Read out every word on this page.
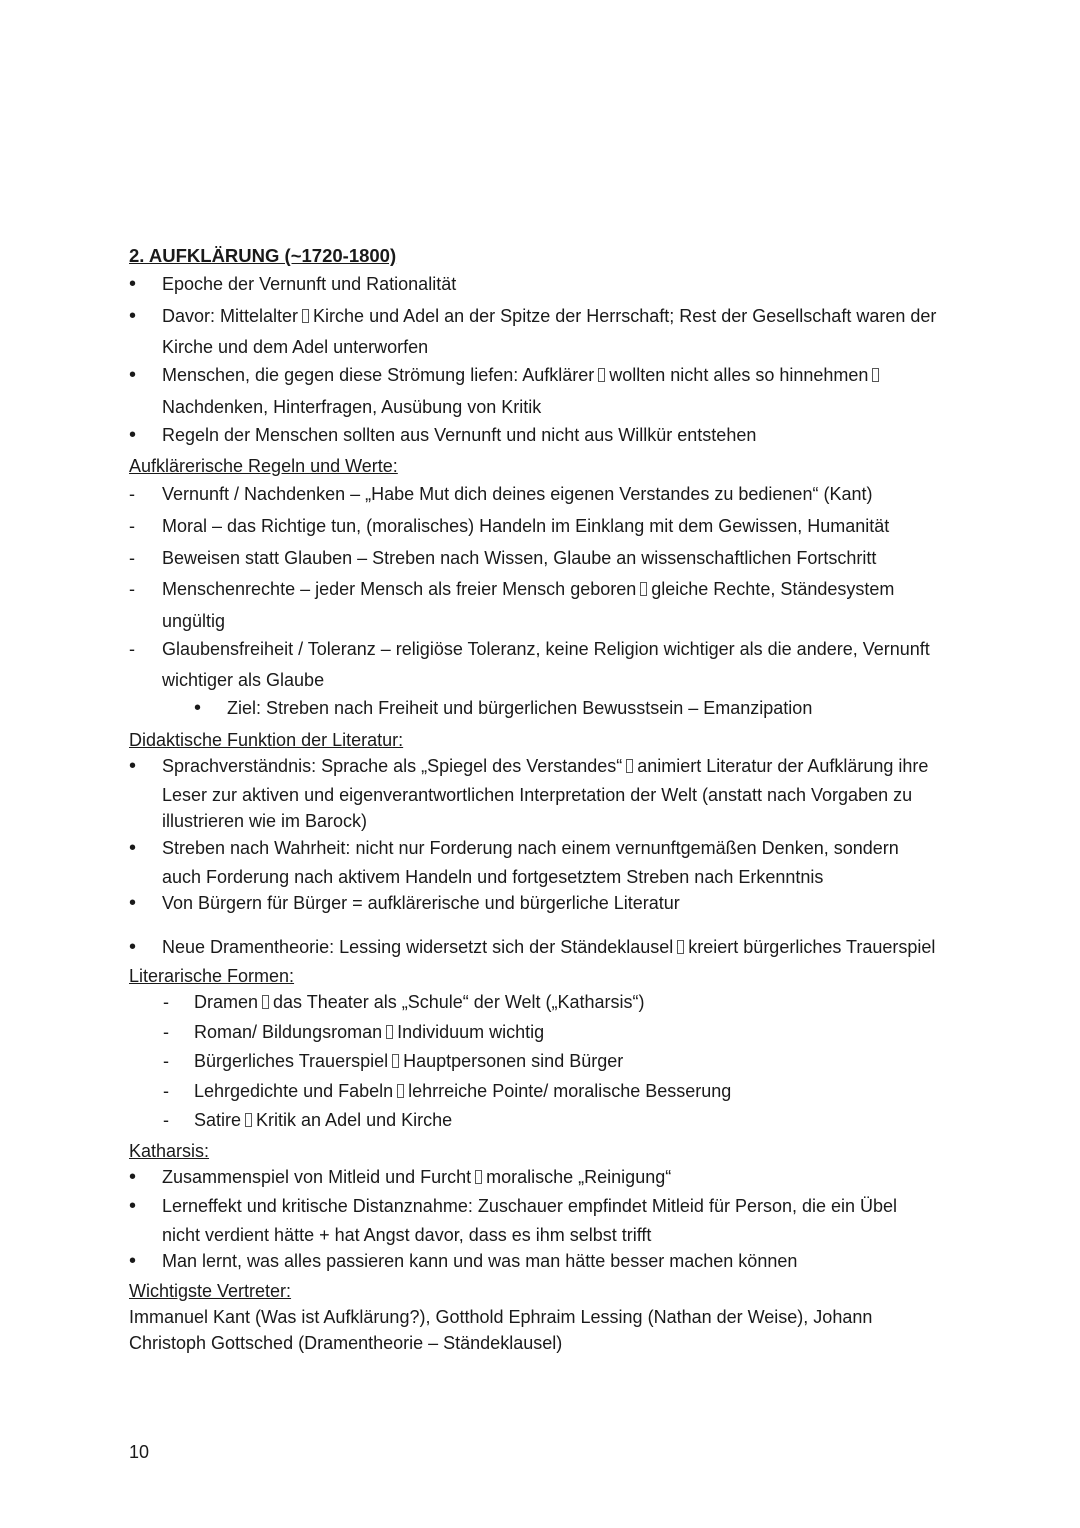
2. AUFKLÄRUNG (~1720-1800)
• Epoche der Vernunft und Rationalität
• Davor: Mittelalter Kirche und Adel an der Spitze der Herrschaft; Rest der Gesellschaft waren der
Kirche und dem Adel unterworfen
• Menschen, die gegen diese Strömung liefen: Aufklärer wollten nicht alles so hinnehmen
Nachdenken, Hinterfragen, Ausübung von Kritik
• Regeln der Menschen sollten aus Vernunft und nicht aus Willkür entstehen
Aufklärerische Regeln und Werte:
- Vernunft / Nachdenken – „Habe Mut dich deines eigenen Verstandes zu bedienen“ (Kant)
- Moral – das Richtige tun, (moralisches) Handeln im Einklang mit dem Gewissen, Humanität
- Beweisen statt Glauben – Streben nach Wissen, Glaube an wissenschaftlichen Fortschritt
- Menschenrechte – jeder Mensch als freier Mensch geboren gleiche Rechte, Ständesystem
ungültig
- Glaubensfreiheit / Toleranz – religiöse Toleranz, keine Religion wichtiger als die andere, Vernunft
wichtiger als Glaube
• Ziel: Streben nach Freiheit und bürgerlichen Bewusstsein – Emanzipation
Didaktische Funktion der Literatur:
• Sprachverständnis: Sprache als „Spiegel des Verstandes“ animiert Literatur der Aufklärung ihre
Leser zur aktiven und eigenverantwortlichen Interpretation der Welt (anstatt nach Vorgaben zu
illustrieren wie im Barock)
• Streben nach Wahrheit: nicht nur Forderung nach einem vernunftgemäßen Denken, sondern
auch Forderung nach aktivem Handeln und fortgesetztem Streben nach Erkenntnis
• Von Bürgern für Bürger = aufklärerische und bürgerliche Literatur
• Neue Dramentheorie: Lessing widersetzt sich der Ständeklausel kreiert bürgerliches Trauerspiel
Literarische Formen:
- Dramen das Theater als „Schule“ der Welt („Katharsis“)
- Roman/ Bildungsroman Individuum wichtig
- Bürgerliches Trauerspiel Hauptpersonen sind Bürger
- Lehrgedichte und Fabeln lehrreiche Pointe/ moralische Besserung
- Satire Kritik an Adel und Kirche
Katharsis:
• Zusammenspiel von Mitleid und Furcht moralische „Reinigung“
• Lerneffekt und kritische Distanznahme: Zuschauer empfindet Mitleid für Person, die ein Übel
nicht verdient hätte + hat Angst davor, dass es ihm selbst trifft
• Man lernt, was alles passieren kann und was man hätte besser machen können
Wichtigste Vertreter:
Immanuel Kant (Was ist Aufklärung?), Gotthold Ephraim Lessing (Nathan der Weise), Johann
Christoph Gottsched (Dramentheorie – Ständeklausel)
10
